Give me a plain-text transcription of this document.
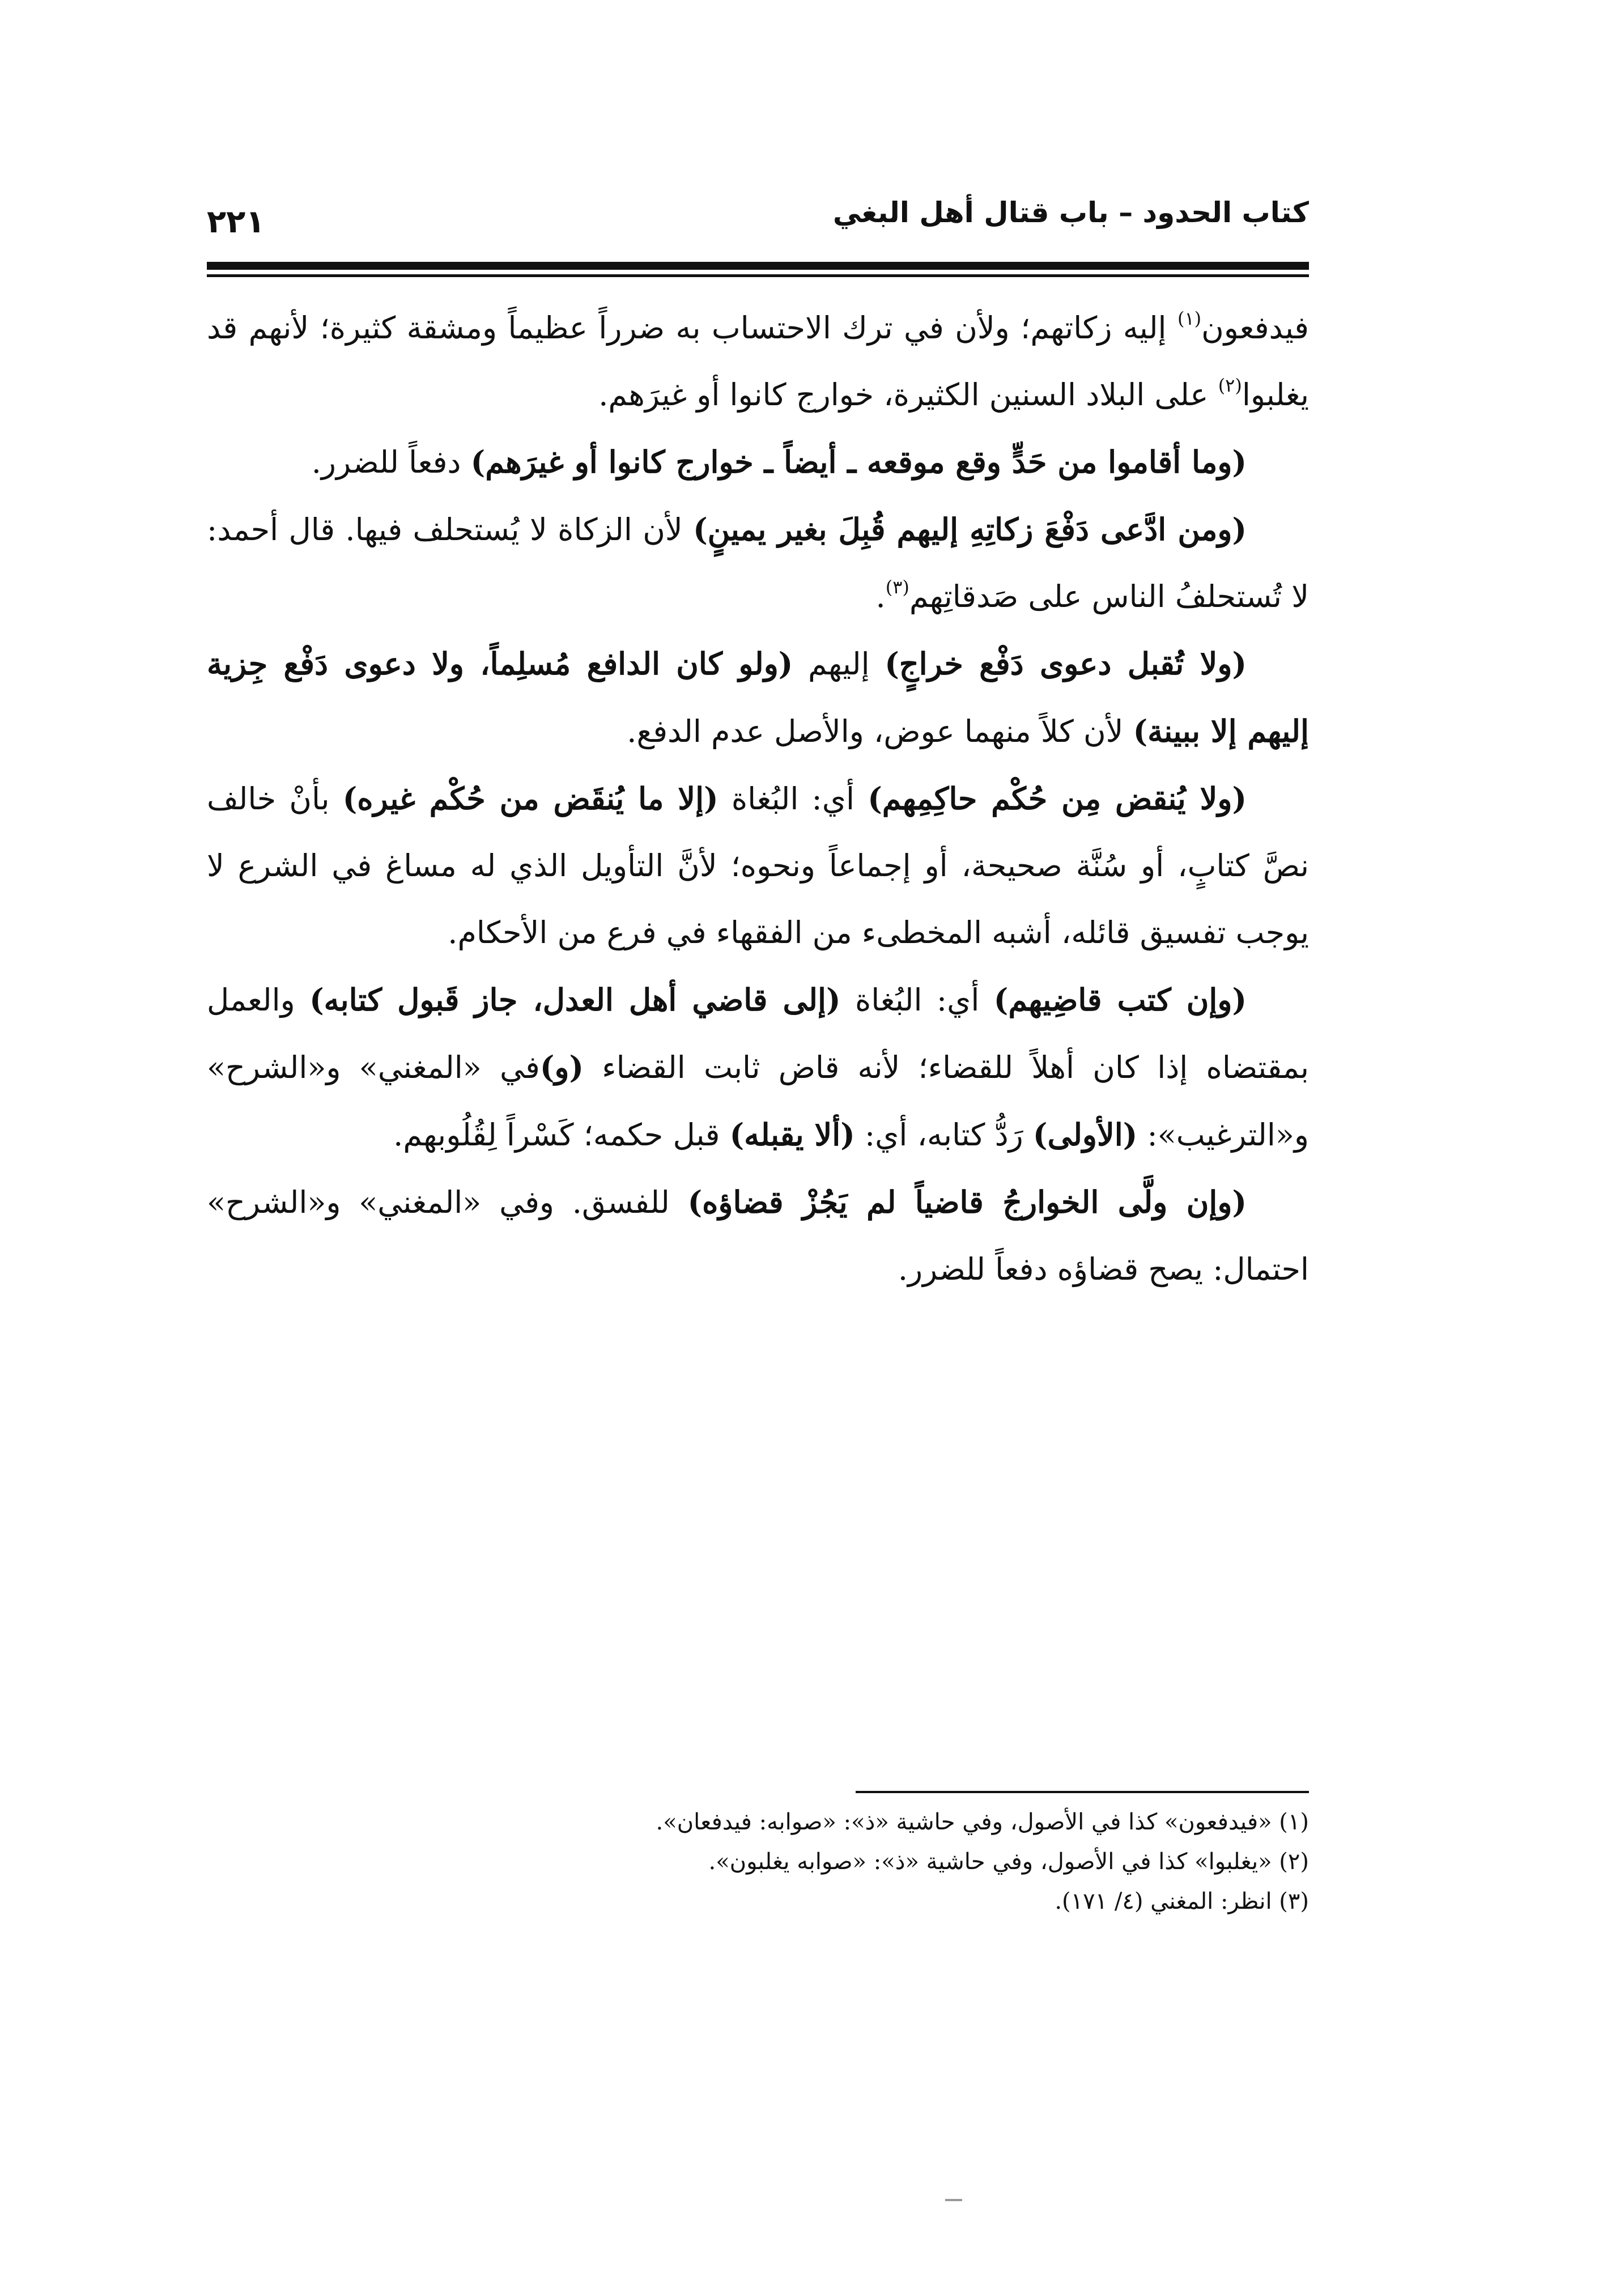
كتاب الحدود – باب قتال أهل البغي
٢٢١

فيدفعون$^{(١)}$ إليه زكاتهم؛ ولأن في ترك الاحتساب به ضرراً عظيماً ومشقة كثيرة؛ لأنهم قد يغلبوا$^{(٢)}$ على البلاد السنين الكثيرة، خوارج كانوا أو غيرَهم.

(وما أقاموا من حَدٍّ وقع موقعه ـ أيضاً ـ خوارج كانوا أو غيرَهم) دفعاً للضرر.

(ومن ادَّعى دَفْعَ زكاتِهِ إليهم قُبِلَ بغير يمينٍ) لأن الزكاة لا يُستحلف فيها. قال أحمد: لا تُستحلفُ الناس على صَدقاتِهم$^{(٣)}$.

(ولا تُقبل دعوى دَفْع خراجٍ) إليهم (ولو كان الدافع مُسلِماً، ولا دعوى دَفْع جِزية إليهم إلا ببينة) لأن كلاً منهما عوض، والأصل عدم الدفع.

(ولا يُنقض مِن حُكْم حاكِمِهم) أي: البُغاة (إلا ما يُنقَض من حُكْم غيره) بأنْ خالف نصَّ كتابٍ، أو سُنَّة صحيحة، أو إجماعاً ونحوه؛ لأنَّ التأويل الذي له مساغ في الشرع لا يوجب تفسيق قائله، أشبه المخطىء من الفقهاء في فرع من الأحكام.

(وإن كتب قاضِيهم) أي: البُغاة (إلى قاضي أهل العدل، جاز قَبول كتابه) والعمل بمقتضاه إذا كان أهلاً للقضاء؛ لأنه قاض ثابت القضاء (و)في «المغني» و«الشرح» و«الترغيب»: (الأولى) رَدُّ كتابه، أي: (ألا يقبله) قبل حكمه؛ كَسْراً لِقُلُوبهم.

(وإن ولَّى الخوارجُ قاضياً لم يَجُزْ قضاؤه) للفسق. وفي «المغني» و«الشرح» احتمال: يصح قضاؤه دفعاً للضرر.

(١) «فيدفعون» كذا في الأصول، وفي حاشية «ذ»: «صوابه: فيدفعان».
(٢) «يغلبوا» كذا في الأصول، وفي حاشية «ذ»: «صوابه يغلبون».
(٣) انظر: المغني (٤/ ١٧١).
